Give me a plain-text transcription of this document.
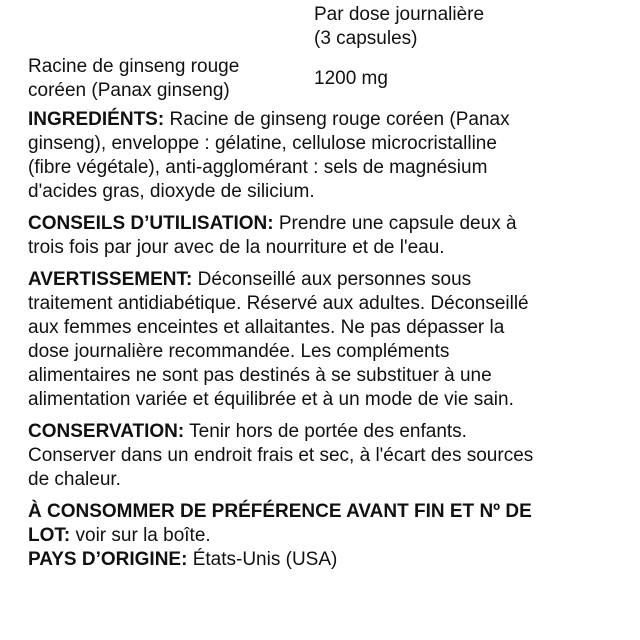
Par dose journalière
(3 capsules)
Racine de ginseng rouge
coréen (Panax ginseng)
1200 mg

INGREDIÉNTS: Racine de ginseng rouge coréen (Panax ginseng), enveloppe : gélatine, cellulose microcristalline (fibre végétale), anti-agglomérant : sels de magnésium d'acides gras, dioxyde de silicium.

CONSEILS D’UTILISATION: Prendre une capsule deux à trois fois par jour avec de la nourriture et de l'eau.

AVERTISSEMENT: Déconseillé aux personnes sous traitement antidiabétique. Réservé aux adultes. Déconseillé aux femmes enceintes et allaitantes. Ne pas dépasser la dose journalière recommandée. Les compléments alimentaires ne sont pas destinés à se substituer à une alimentation variée et équilibrée et à un mode de vie sain.

CONSERVATION: Tenir hors de portée des enfants. Conserver dans un endroit frais et sec, à l'écart des sources de chaleur.

À CONSOMMER DE PRÉFÉRENCE AVANT FIN ET Nº DE LOT: voir sur la boîte.

PAYS D’ORIGINE: États-Unis (USA)
